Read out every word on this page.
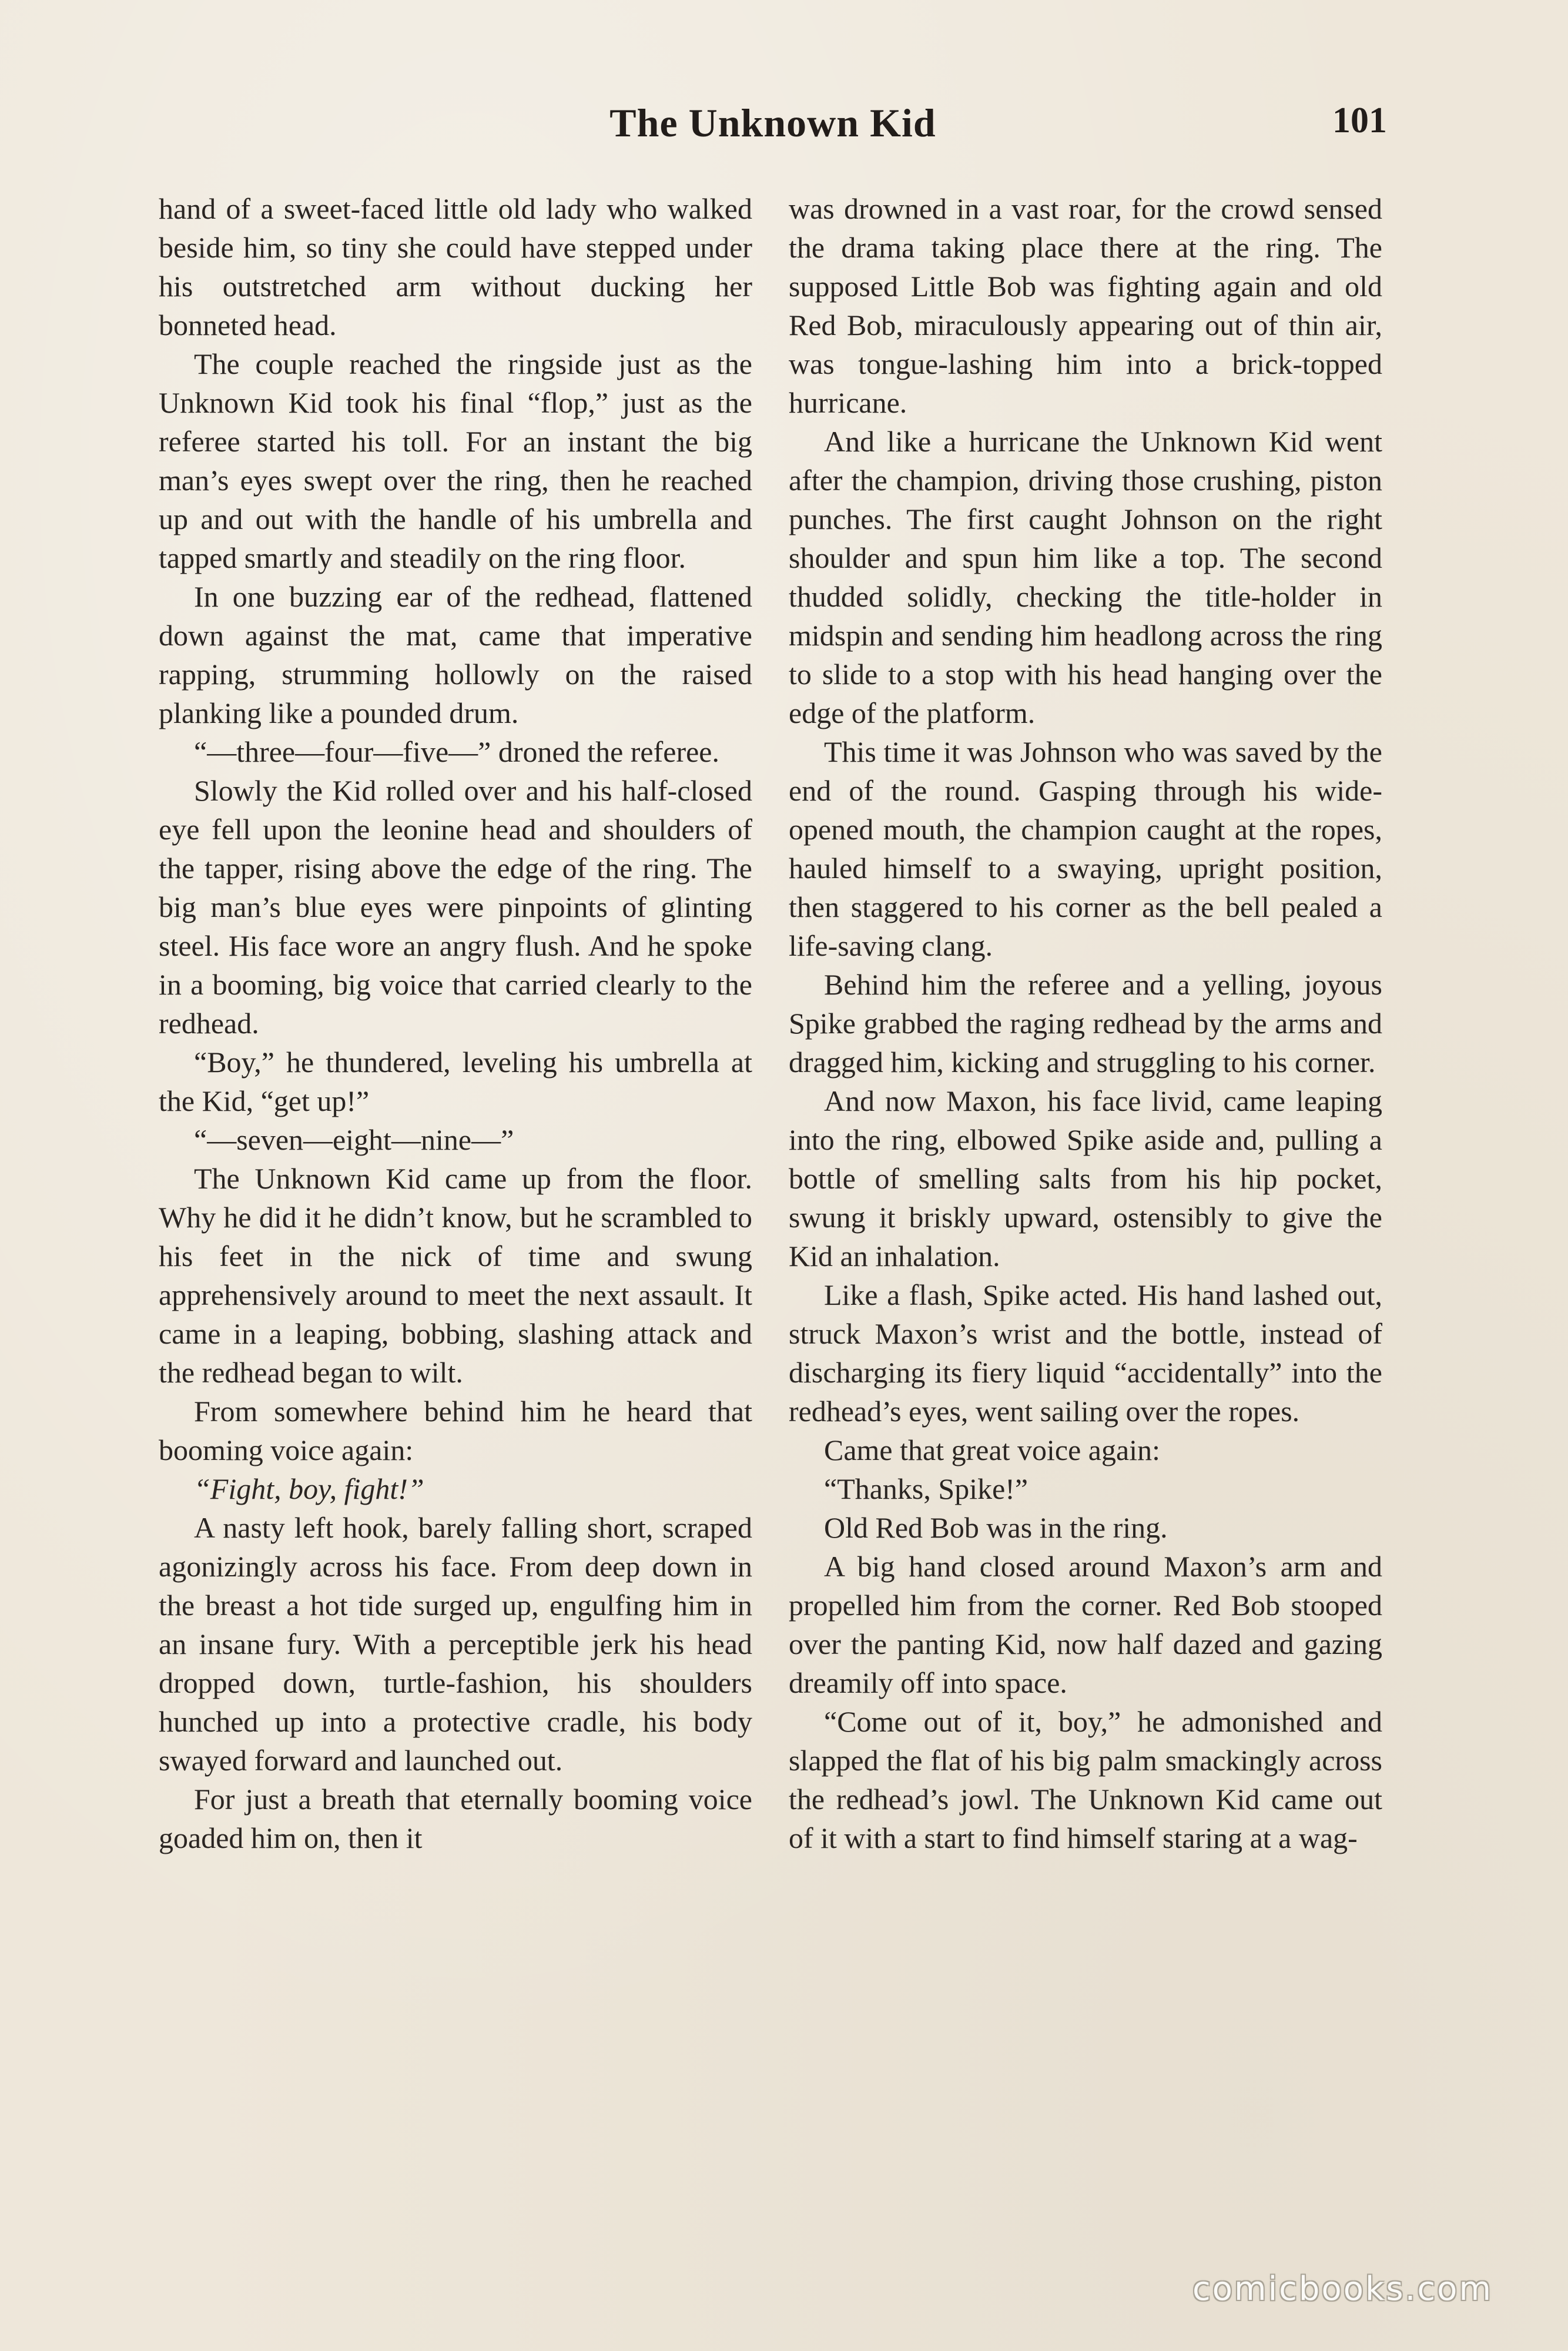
The Unknown Kid	101

hand of a sweet-faced little old lady who walked beside him, so tiny she could have stepped under his outstretched arm without ducking her bonneted head.

The couple reached the ringside just as the Unknown Kid took his final “flop,” just as the referee started his toll. For an instant the big man’s eyes swept over the ring, then he reached up and out with the handle of his umbrella and tapped smartly and steadily on the ring floor.

In one buzzing ear of the redhead, flattened down against the mat, came that imperative rapping, strumming hollowly on the raised planking like a pounded drum.

“—three—four—five—” droned the referee.

Slowly the Kid rolled over and his half-closed eye fell upon the leonine head and shoulders of the tapper, rising above the edge of the ring. The big man’s blue eyes were pinpoints of glinting steel. His face wore an angry flush. And he spoke in a booming, big voice that carried clearly to the redhead.

“Boy,” he thundered, leveling his umbrella at the Kid, “get up!”

“—seven—eight—nine—”

The Unknown Kid came up from the floor. Why he did it he didn’t know, but he scrambled to his feet in the nick of time and swung apprehensively around to meet the next assault. It came in a leaping, bobbing, slashing attack and the redhead began to wilt.

From somewhere behind him he heard that booming voice again:

“Fight, boy, fight!”

A nasty left hook, barely falling short, scraped agonizingly across his face. From deep down in the breast a hot tide surged up, engulfing him in an insane fury. With a perceptible jerk his head dropped down, turtle-fashion, his shoulders hunched up into a protective cradle, his body swayed forward and launched out.

For just a breath that eternally booming voice goaded him on, then it

was drowned in a vast roar, for the crowd sensed the drama taking place there at the ring. The supposed Little Bob was fighting again and old Red Bob, miraculously appearing out of thin air, was tongue-lashing him into a brick-topped hurricane.

And like a hurricane the Unknown Kid went after the champion, driving those crushing, piston punches. The first caught Johnson on the right shoulder and spun him like a top. The second thudded solidly, checking the title-holder in midspin and sending him headlong across the ring to slide to a stop with his head hanging over the edge of the platform.

This time it was Johnson who was saved by the end of the round. Gasping through his wide-opened mouth, the champion caught at the ropes, hauled himself to a swaying, upright position, then staggered to his corner as the bell pealed a life-saving clang.

Behind him the referee and a yelling, joyous Spike grabbed the raging redhead by the arms and dragged him, kicking and struggling to his corner.

And now Maxon, his face livid, came leaping into the ring, elbowed Spike aside and, pulling a bottle of smelling salts from his hip pocket, swung it briskly upward, ostensibly to give the Kid an inhalation.

Like a flash, Spike acted. His hand lashed out, struck Maxon’s wrist and the bottle, instead of discharging its fiery liquid “accidentally” into the redhead’s eyes, went sailing over the ropes.

Came that great voice again:

“Thanks, Spike!”

Old Red Bob was in the ring.

A big hand closed around Maxon’s arm and propelled him from the corner. Red Bob stooped over the panting Kid, now half dazed and gazing dreamily off into space.

“Come out of it, boy,” he admonished and slapped the flat of his big palm smackingly across the redhead’s jowl. The Unknown Kid came out of it with a start to find himself staring at a wag-

comicbooks.com
